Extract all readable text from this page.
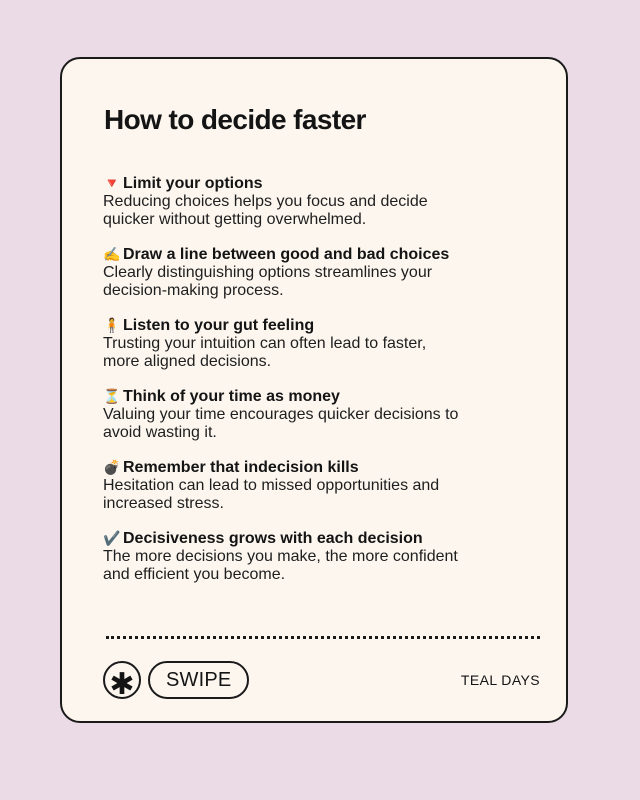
How to decide faster
🔻 Limit your options
Reducing choices helps you focus and decide
quicker without getting overwhelmed.
✍️ Draw a line between good and bad choices
Clearly distinguishing options streamlines your
decision-making process.
🧍 Listen to your gut feeling
Trusting your intuition can often lead to faster,
more aligned decisions.
⏳ Think of your time as money
Valuing your time encourages quicker decisions to
avoid wasting it.
💣 Remember that indecision kills
Hesitation can lead to missed opportunities and
increased stress.
✔️ Decisiveness grows with each decision
The more decisions you make, the more confident
and efficient you become.
✱	SWIPE	TEAL DAYS
